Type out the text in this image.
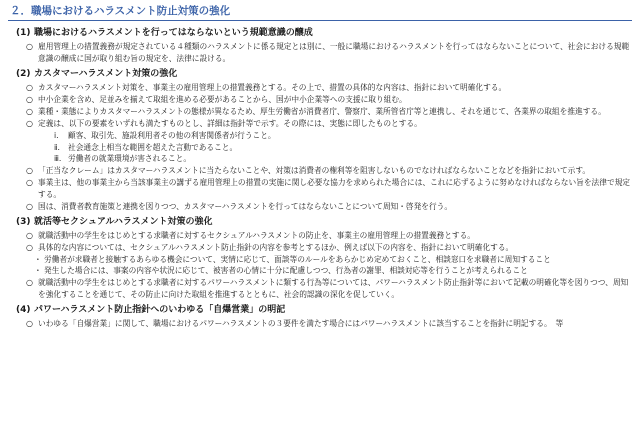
２．職場におけるハラスメント防止対策の強化
(1) 職場におけるハラスメントを行ってはならないという規範意識の醸成
○ 雇用管理上の措置義務が規定されている４種類のハラスメントに係る規定とは別に、一般に職場におけるハラスメントを行ってはならないことについて、社会における規範意識の醸成に国が取り組む旨の規定を、法律に設ける。
(2) カスタマーハラスメント対策の強化
○ カスタマーハラスメント対策を、事業主の雇用管理上の措置義務とする。その上で、措置の具体的な内容は、指針において明確化する。
○ 中小企業を含め、足並みを揃えて取組を進める必要があることから、国が中小企業等への支援に取り組む。
○ 業種・業態によりカスタマーハラスメントの態様が異なるため、厚生労働省が消費者庁、警察庁、業所管省庁等と連携し、それを通じて、各業界の取組を推進する。
○ 定義は、以下の要素をいずれも満たすものとし、詳細は指針等で示す。その際には、実態に即したものとする。
ⅰ.	顧客、取引先、施設利用者その他の利害関係者が行うこと。
ⅱ.	社会通念上相当な範囲を超えた言動であること。
ⅲ. 労働者の就業環境が害されること。
○ 「正当なクレーム」はカスタマーハラスメントに当たらないことや、対策は消費者の権利等を阻害しないものでなければならないことなどを指針において示す。
○ 事業主は、他の事業主から当該事業主の講ずる雇用管理上の措置の実施に関し必要な協力を求められた場合には、これに応ずるように努めなければならない旨を法律で規定する。
○ 国は、消費者教育施策と連携を図りつつ、カスタマーハラスメントを行ってはならないことについて周知・啓発を行う。
(3) 就活等セクシュアルハラスメント対策の強化
○ 就職活動中の学生をはじめとする求職者に対するセクシュアルハラスメントの防止を、事業主の雇用管理上の措置義務とする。
○ 具体的な内容については、セクシュアルハラスメント防止指針の内容を参考とするほか、例えば以下の内容を、指針において明確化する。
・ 労働者が求職者と接触するあらゆる機会について、実情に応じて、面談等のルールをあらかじめ定めておくこと、相談窓口を求職者に周知すること
・ 発生した場合には、事案の内容や状況に応じて、被害者の心情に十分に配慮しつつ、行為者の謝罪、相談対応等を行うことが考えられること
○ 就職活動中の学生をはじめとする求職者に対するパワーハラスメントに類する行為等については、パワーハラスメント防止指針等において記載の明確化等を図りつつ、周知を強化することを通じて、その防止に向けた取組を推進するとともに、社会的認識の深化を促していく。
(4) パワーハラスメント防止指針へのいわゆる「自爆営業」の明記
○ いわゆる「自爆営業」に関して、職場におけるパワーハラスメントの３要件を満たす場合にはパワーハラスメントに該当することを指針に明記する。　等
